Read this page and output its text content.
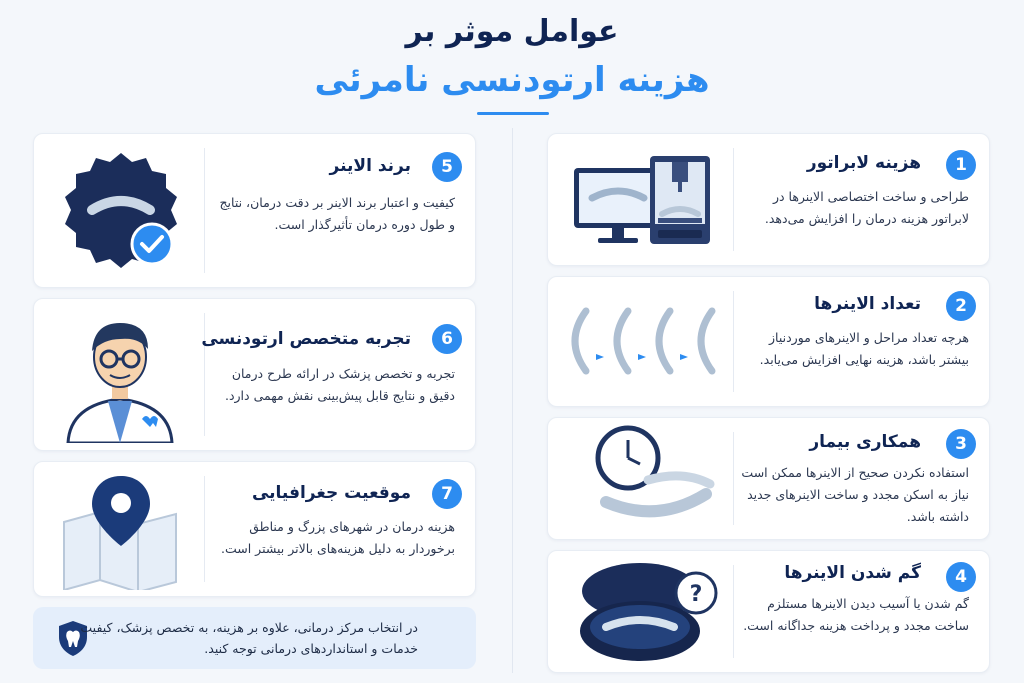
عوامل موثر بر
هزینه ارتودنسی نامرئی
1
هزینه لابراتور
طراحی و ساخت اختصاصی الاینرها در لابراتور هزینه درمان را افزایش می‌دهد.
2
تعداد الاینرها
هرچه تعداد مراحل و الاینرهای موردنیاز بیشتر باشد، هزینه نهایی افزایش می‌یابد.
3
همکاری بیمار
استفاده نکردن صحیح از الاینرها ممکن است نیاز به اسکن مجدد و ساخت الاینرهای جدید داشته باشد.
4
گم شدن الاینرها
گم شدن یا آسیب دیدن الاینرها مستلزم ساخت مجدد و پرداخت هزینه جداگانه است.
?
5
برند الاینر
کیفیت و اعتبار برند الاینر بر دقت درمان، نتایج و طول دوره درمان تأثیرگذار است.
6
تجربه متخصص ارتودنسی
تجربه و تخصص پزشک در ارائه طرح درمان دقیق و نتایج قابل پیش‌بینی نقش مهمی دارد.
7
موقعیت جغرافیایی
هزینه درمان در شهرهای پزرگ و مناطق برخوردار به دلیل هزینه‌های بالاتر بیشتر است.
در انتخاب مرکز درمانی، علاوه بر هزینه، به تخصص پزشک، کیفیت خدمات و استانداردهای درمانی توجه کنید.
